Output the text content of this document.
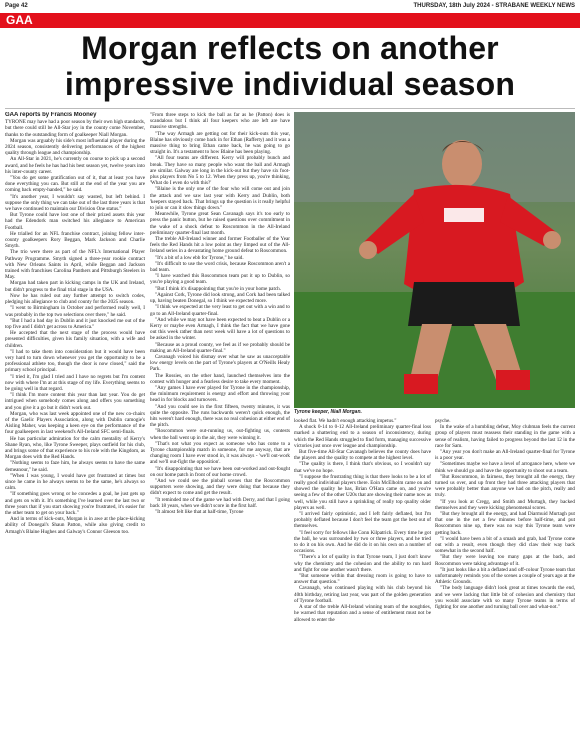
Page 42	THURSDAY, 18th July 2024 - STRABANE WEEKLY NEWS
GAA
Morgan reflects on another impressive individual season
GAA reports by Francis Mooney

TYRONE may have had a poor season by their own high standards, but there could still be All-Star joy in the county come November, thanks to the outstanding form of goalkeeper Niall Morgan.

Morgan was arguably his side's most influential player during the 2024 season, consistently delivering performances of the highest quality through league and championship.

An All-Star in 2021, he's currently on course to pick up a second award, and he feels he has had his best season yet, twelve years into his inter-county career.

"You do get some gratification out of it, that at least you have done everything you can. But still at the end of the year you are coming back empty-handed," he said.

"It's another year, I wouldn't say wasted, but left behind. I suppose the only thing we can take out of the last three years is that we have continued to maintain our Division One status."

But Tyrone could have lost one of their prized assets this year had the Edendork man switched his allegiance to American Football.

He trialled for an NFL franchise contract, joining fellow inter-county goalkeepers Rory Beggan, Mark Jackson and Charlie Smyth.

The trio were there as part of the NFL's International Player Pathway Programme. Smyth signed a three-year rookie contract with New Orleans Saints in April, while Beggan and Jackson trained with franchises Carolina Panthers and Pittsburgh Steelers in May.

Morgan had taken part in kicking camps in the UK and Ireland, but didn't progress to the final trial stage in the USA.

Now he has ruled out any further attempt to switch codes, pledging his allegiance to club and county for the 2025 season.

"I went to Birmingham in October and performed really well, I was probably in the top two selections over there," he said.

"But I had a bad day in Dublin and it just knocked me out of the top five and I didn't get across to America."

He accepted that the next stage of the process would have presented difficulties, given his family situation, with a wife and children.

"I had to take them into consideration but it would have been very hard to turn down whenever you get the opportunity to be a professional athlete too, though the door is now closed," said the primary school principal.

"I tried it, I'm glad I tried and I have no regrets but I'm content now with where I'm at at this stage of my life. Everything seems to be going well in that regard.

"I think I'm more content this year than last year. You do get intrigued when somebody comes along and offers you something and you give it a go but it didn't work out.

Morgan, who was last week appointed one of the new co-chairs of the Gaelic Players Association, along with Dublin camogie's Aisling Maher, was keeping a keen eye on the performance of the four goalkeepers in last weekend's All-Ireland SFC semi-finals.

He has particular admiration for the calm mentality of Kerry's Shane Ryan, who, like Tyrone Sweeper, plays outfield for his club, and brings some of that experience to his role with the Kingdom, as Morgan does with the Red Hands.

"Nothing seems to faze him, he always seems to have the same demeanour," he said.

"When I was young, I would have got frustrated at times but since he came in he always seems to be the same, he's always so calm.

"If something goes wrong or he concedes a goal, he just gets up and gets on with it. It's something I've learned over the last two or three years that if you start showing you're frustrated, it's easier for the other team to get on your back."

And in terms of kick-outs, Morgan is in awe at the place-kicking ability of Donegal's Shaun Patton, while also giving credit to Armagh's Blaine Hughes and Galway's Connor Gleeson too.

"From three steps to kick the ball as far as he (Patton) does is scandalous but I think all four keepers who are left are have massive strengths.

"The way Armagh are getting out for their kick-outs this year, Blaine has obviously come back in for Ethan (Rafferty) and it was a massive thing to bring Ethan came back, he was going to go straight in. It's a testament to how Blaine has been playing.

"All four teams are different. Kerry will probably bunch and break. They have so many people who want the ball and Armagh are similar. Galway are long in the kick-out but they have six foot-plus players from No 5 to 12. When they press up, you're thinking, 'What do I even do with this?'

"Blaine is the only one of the four who will come out and join the attack and we saw last year with Kerry and Dublin, both 'keepers stayed back. That brings up the question is it really helpful to join or can it slow things down."

Meanwhile, Tyrone great Sean Cavanagh says it's too early to press the panic button, but he raised questions over commitment in the wake of a shock defeat to Roscommon in the All-Ireland preliminary quarter-final last month.

The treble All-Ireland winner and former Footballer of the Year feels the Red Hands hit a low point as they limped out of the All-Ireland series in a devastating home ground defeat to Roscommon.

"It's a bit of a low ebb for Tyrone," he said.

"It's difficult to use the word crisis, because Roscommon aren't a bad team.

"I have watched this Roscommon team put it up to Dublin, so you're playing a good team.

"But I think it's disappointing that you're in your home patch.

"Against Cork, Tyrone did look strong, and Cork had been talked up, having beaten Donegal, so I think we expected more.

"I think we expected at the very least to get out with a win and to go to an All-Ireland quarter-final.

"And while we may not have been expected to beat a Dublin or a Kerry or maybe even Armagh, I think the fact that we have gone out this week rather than next week will have a lot of questions to be asked in the winter.

"Because as a proud county, we feel as if we probably should be making an All-Ireland quarter-final."

Cavanagh voiced his dismay over what he saw as unacceptable low energy levels on the part of Tyrone's players at O'Neills Healy Park.

The Rossies, on the other hand, launched themselves into the contest with hunger and a fearless desire to take every moment.

"Any games I have ever played for Tyrone in the championship, the minimum requirement is energy and effort and throwing your head in for blocks and turnovers.

"And you could see in the first fifteen, twenty minutes, it was quite the opposite. The runs backwards weren't quick enough, the hits weren't hard enough, there was no real cohesion at either end of the pitch.

"Roscommon were out-running us, out-fighting us, contests when the ball went up in the air, they were winning it.

"That's not what you expect as someone who has come to a Tyrone championship match in someone, for me anyway, that are changing room I have ever stood in, it was always - 'we'll out-work and we'll out-fight the opposition'.

"It's disappointing that we have been out-worked and out-fought on our home patch in front of our home crowd.

"And we could see the pinball scenes that the Roscommon supporters were showing, and they were doing that because they didn't expect to come and get the result.

"It reminded me of the game we had with Derry, and that I going back 18 years, when we didn't score in the first half.

"It almost felt like that at half-time, Tyrone

Tyrone keeper, Niall Morgan.

looked flat. We hadn't enough attacking impetus."

A shock 0-14 to 0-12 All-Ireland preliminary quarter-final loss marked a shattering end to a season of inconsistency, during which the Red Hands struggled to find form, managing successive victories just once over league and championship.

But five-time All-Star Cavanagh believes the county does have the players and the quality to compete at the highest level.

"The quality is there, I think that's obvious, so I wouldn't say that we've no hope.

"I suppose the frustrating thing is that there looks to be a lot of really good individual players there. Eoin McElholm came on and showed the quality he has, Brian O'Hara came on, and you're seeing a few of the other U20s that are showing their name now as well, while you still have a sprinkling of really top quality older players as well.

"I arrived fairly optimistic, and I left fairly deflated, but I'm probably deflated because I don't feel the team got the best out of themselves.

"I feel sorry for fellows like Conn Kilpatrick. Every time he got the ball, he was surrounded by two or three players, and he tried to do it on his own. And he did do it on his own on a number of occasions.

"There's a lot of quality in that Tyrone team, I just don't know why the chemistry and the cohesion and the ability to run hard and fight for one another wasn't there.

"But someone within that dressing room is going to have to answer that question."

Cavanagh, who continued playing with his club beyond his 40th birthday, retiring last year, was part of the golden generation of Tyrone football.

A star of the treble All-Ireland winning team of the noughties, he warned that reputation and a sense of entitlement must not be allowed to enter the

psyche.

In the wake of a humbling defeat, Moy clubman feels the current group of players must reassess their standing in the game with a sense of realism, having failed to progress beyond the last 12 in the race for Sam.

"Any year you don't make an All-Ireland quarter-final for Tyrone is a poor year.

"Sometimes maybe we have a level of arrogance here, where we think we should go and have the opportunity to shoot out a team.

"But Roscommon, in fairness, they brought all the energy, they turned us over, and up front they had three attacking players that were probably better than anyone we had on the pitch, really and truly.

"If you look at Cregg, and Smith and Murtagh, they backed themselves and they were kicking phenomenal scores.

"But they brought all the energy, and had Diarmuid Murtagh put that one in the net a few minutes before half-time, and put Roscommon nine up, there was no way this Tyrone team were getting back.

"I would have been a bit of a smash and grab, had Tyrone come out with a result, even though they did claw their way back somewhat in the second half.

"But they were leaving too many gaps at the back, and Roscommon were taking advantage of it.

"It just looks like a bit a deflated and off-colour Tyrone team that unfortunately reminds you of the scenes a couple of years ago at the Athletic Grounds.

"The body language didn't look great at times towards the end, and we were lacking that little bit of cohesion and chemistry that you would associate with so many Tyrone teams in terms of fighting for one another and turning ball over and what-not."
